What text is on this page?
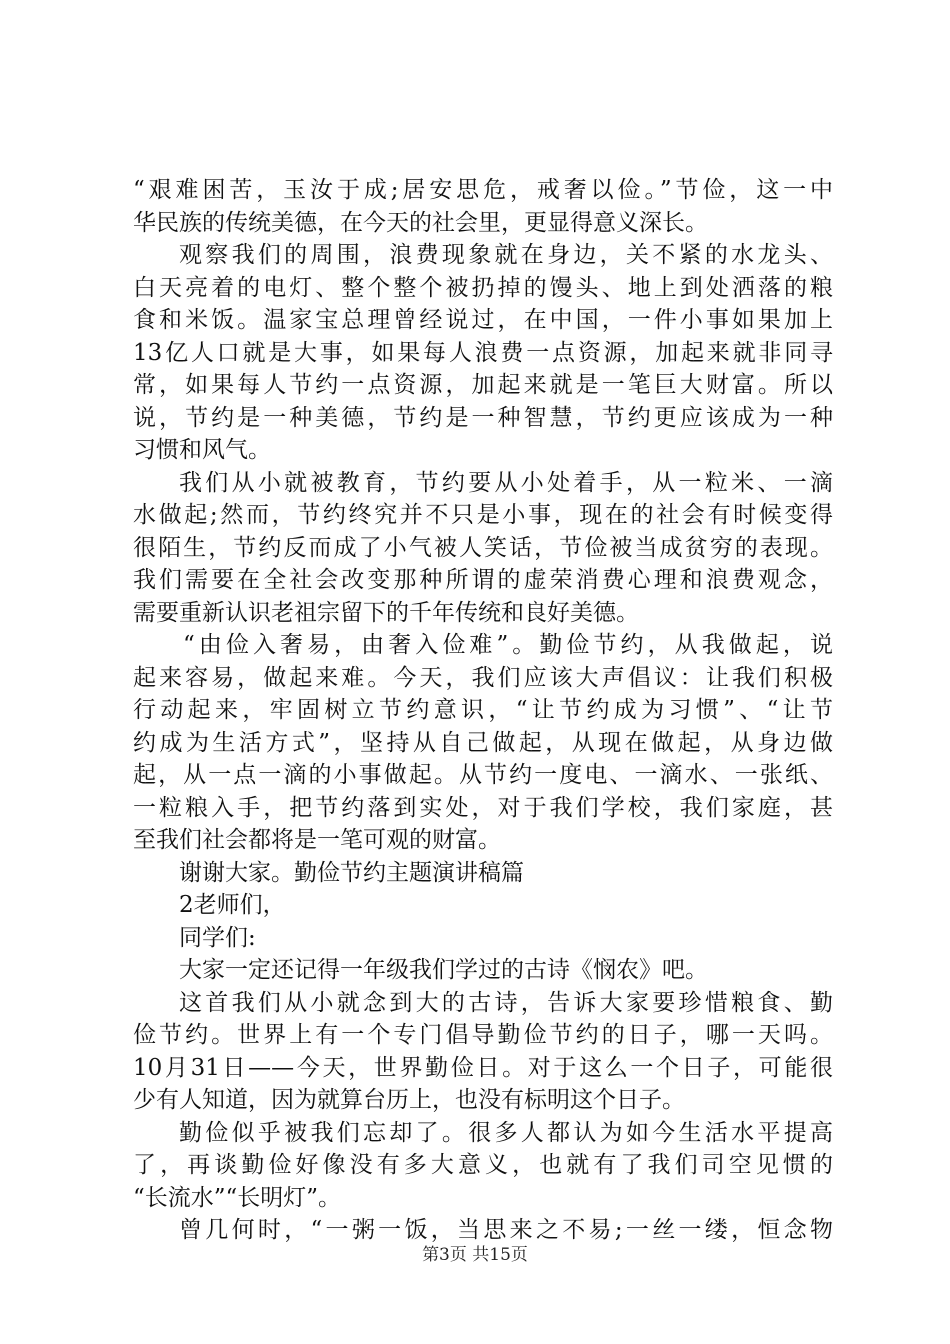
“艰难困苦，玉汝于成;居安思危，戒奢以俭。”节俭，这一中
华民族的传统美德，在今天的社会里，更显得意义深长。
观察我们的周围，浪费现象就在身边，关不紧的水龙头、
白天亮着的电灯、整个整个被扔掉的馒头、地上到处洒落的粮
食和米饭。温家宝总理曾经说过，在中国，一件小事如果加上
13亿人口就是大事，如果每人浪费一点资源，加起来就非同寻
常，如果每人节约一点资源，加起来就是一笔巨大财富。所以
说，节约是一种美德，节约是一种智慧，节约更应该成为一种
习惯和风气。
我们从小就被教育，节约要从小处着手，从一粒米、一滴
水做起;然而，节约终究并不只是小事，现在的社会有时候变得
很陌生，节约反而成了小气被人笑话，节俭被当成贫穷的表现。
我们需要在全社会改变那种所谓的虚荣消费心理和浪费观念，
需要重新认识老祖宗留下的千年传统和良好美德。
“由俭入奢易，由奢入俭难”。勤俭节约，从我做起，说
起来容易，做起来难。今天，我们应该大声倡议：让我们积极
行动起来，牢固树立节约意识，“让节约成为习惯”、“让节
约成为生活方式”，坚持从自己做起，从现在做起，从身边做
起，从一点一滴的小事做起。从节约一度电、一滴水、一张纸、
一粒粮入手，把节约落到实处，对于我们学校，我们家庭，甚
至我们社会都将是一笔可观的财富。
谢谢大家。勤俭节约主题演讲稿篇
2老师们，
同学们:
大家一定还记得一年级我们学过的古诗《悯农》吧。
这首我们从小就念到大的古诗，告诉大家要珍惜粮食、勤
俭节约。世界上有一个专门倡导勤俭节约的日子，哪一天吗。
10月31日——今天，世界勤俭日。对于这么一个日子，可能很
少有人知道，因为就算台历上，也没有标明这个日子。
勤俭似乎被我们忘却了。很多人都认为如今生活水平提高
了，再谈勤俭好像没有多大意义，也就有了我们司空见惯的
“长流水”“长明灯”。
曾几何时，“一粥一饭，当思来之不易;一丝一缕，恒念物
第3页 共15页
